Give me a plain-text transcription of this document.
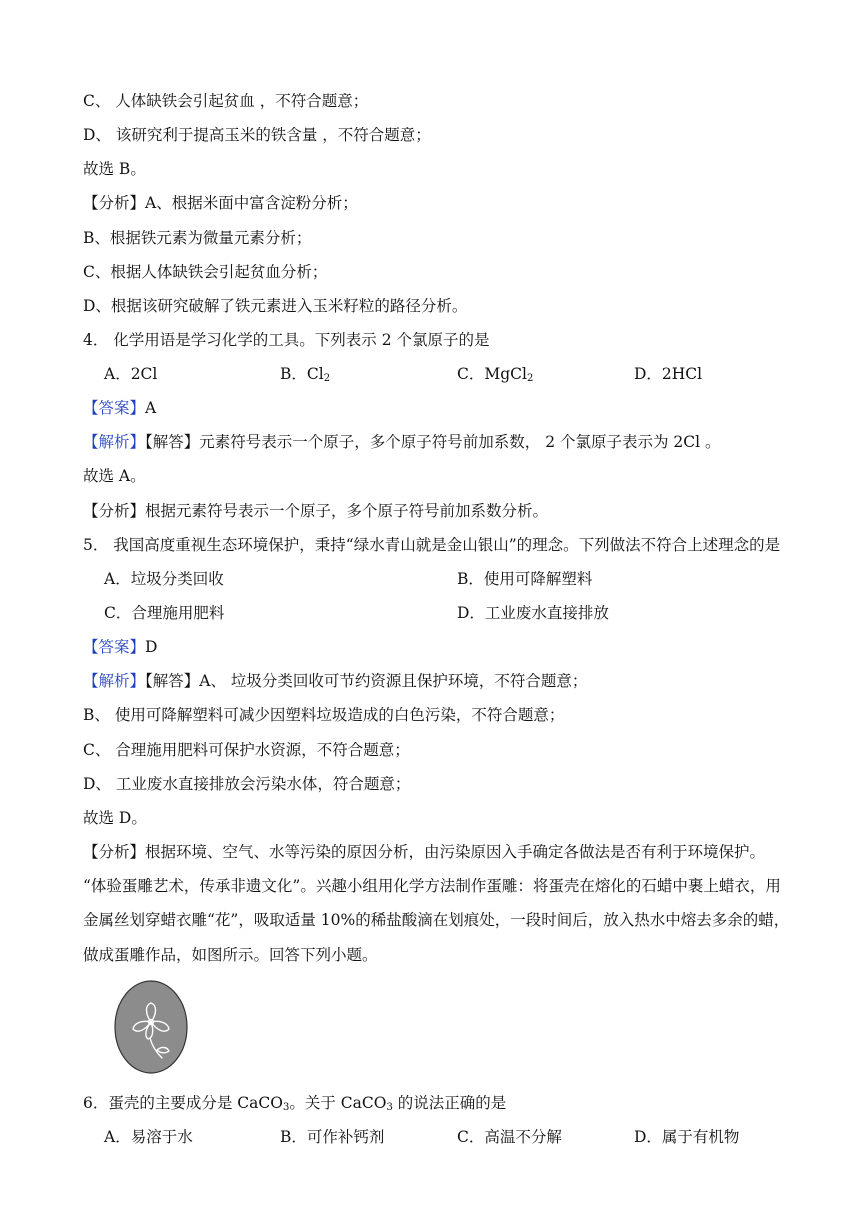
C、 人体缺铁会引起贫血 ，不符合题意；
D、 该研究利于提高玉米的铁含量 ，不符合题意；
故选 B。
【分析】A、根据米面中富含淀粉分析；
B、根据铁元素为微量元素分析；
C、根据人体缺铁会引起贫血分析；
D、根据该研究破解了铁元素进入玉米籽粒的路径分析。
4． 化学用语是学习化学的工具。下列表示 2 个氯原子的是
A．2Cl	B．$Cl_2$	C．MgCl$_2$	D．2HCl
【答案】A
【解析】【解答】元素符号表示一个原子，多个原子符号前加系数， 2 个氯原子表示为 2Cl 。
故选 A。
【分析】根据元素符号表示一个原子，多个原子符号前加系数分析。
5． 我国高度重视生态环境保护，秉持“绿水青山就是金山银山”的理念。下列做法不符合上述理念的是
A．垃圾分类回收	B．使用可降解塑料
C．合理施用肥料	D．工业废水直接排放
【答案】D
【解析】【解答】A、 垃圾分类回收可节约资源且保护环境，不符合题意；
B、 使用可降解塑料可减少因塑料垃圾造成的白色污染，不符合题意；
C、 合理施用肥料可保护水资源，不符合题意；
D、 工业废水直接排放会污染水体，符合题意；
故选 D。
【分析】根据环境、空气、水等污染的原因分析，由污染原因入手确定各做法是否有利于环境保护。
“体验蛋雕艺术，传承非遗文化”。兴趣小组用化学方法制作蛋雕：将蛋壳在熔化的石蜡中裹上蜡衣，用
金属丝划穿蜡衣雕“花”，吸取适量 10%的稀盐酸滴在划痕处，一段时间后，放入热水中熔去多余的蜡，
做成蛋雕作品，如图所示。回答下列小题。
6．蛋壳的主要成分是 CaCO$_3$。关于 CaCO$_3$ 的说法正确的是
A．易溶于水	B．可作补钙剂	C．高温不分解	D．属于有机物
